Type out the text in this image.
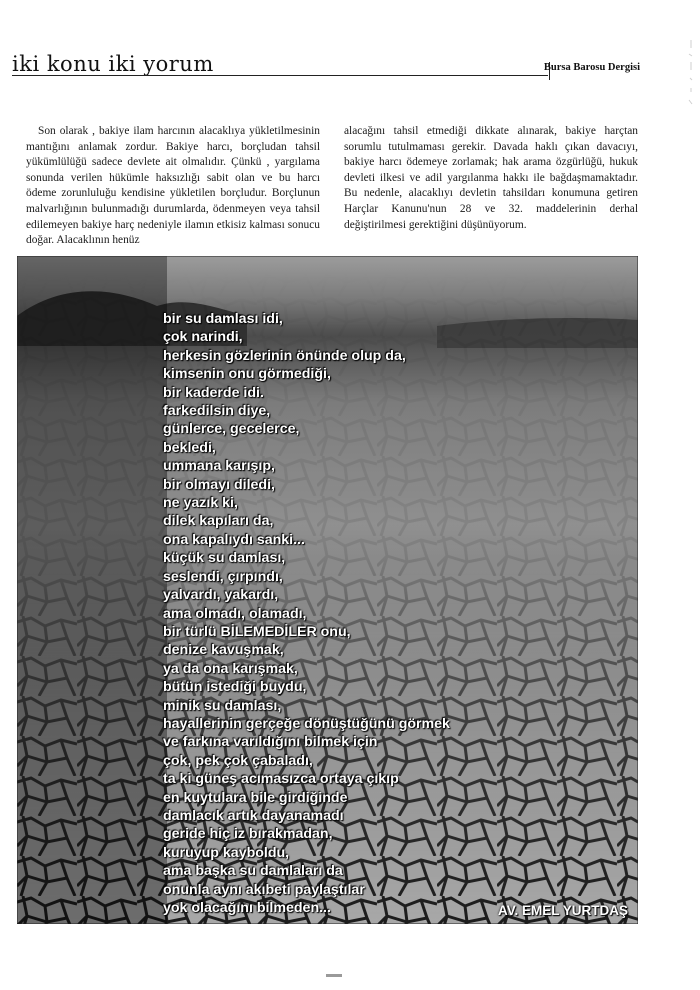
iki konu iki yorum	Bursa Barosu Dergisi

Son olarak , bakiye ilam harcının alacaklıya yükletilmesinin mantığını anlamak zordur. Bakiye harcı, borçludan tahsil yükümlülüğü sadece devlete ait olmalıdır. Çünkü , yargılama sonunda verilen hükümle haksızlığı sabit olan ve bu harcı ödeme zorunluluğu kendisine yükletilen borçludur. Borçlunun malvarlığının bulunmadığı durumlarda, ödenmeyen veya tahsil edilemeyen bakiye harç nedeniyle ilamın etkisiz kalması sonucu doğar. Alacaklının henüz

alacağını tahsil etmediği dikkate alınarak, bakiye harçtan sorumlu tutulmaması gerekir. Davada haklı çıkan davacıyı, bakiye harcı ödemeye zorlamak; hak arama özgürlüğü, hukuk devleti ilkesi ve adil yargılanma hakkı ile bağdaşmamaktadır. Bu nedenle, alacaklıyı devletin tahsildarı konumuna getiren Harçlar Kanunu'nun 28 ve 32. maddelerinin derhal değiştirilmesi gerektiğini düşünüyorum.

bir su damlası idi,
çok narindi,
herkesin gözlerinin önünde olup da,
kimsenin onu görmediği,
bir kaderde idi.
farkedilsin diye,
günlerce, gecelerce,
bekledi,
ummana karışıp,
bir olmayı diledi,
ne yazık ki,
dilek kapıları da,
ona kapalıydı sanki...
küçük su damlası,
seslendi, çırpındı,
yalvardı, yakardı,
ama olmadı, olamadı,
bir türlü BİLEMEDİLER onu,
denize kavuşmak,
ya da ona karışmak,
bütün istediği buydu,
minik su damlası,
hayallerinin gerçeğe dönüştüğünü görmek
ve farkına varıldığını bilmek için
çok, pek çok çabaladı,
ta ki güneş acımasızca ortaya çıkıp
en kuytulara bile girdiğinde
damlacık artık dayanamadı
geride hiç iz bırakmadan,
kuruyup kayboldu,
ama başka su damlaları da
onunla aynı akıbeti paylaştılar
yok olacağını bilmeden...	AV. EMEL YURTDAŞ
